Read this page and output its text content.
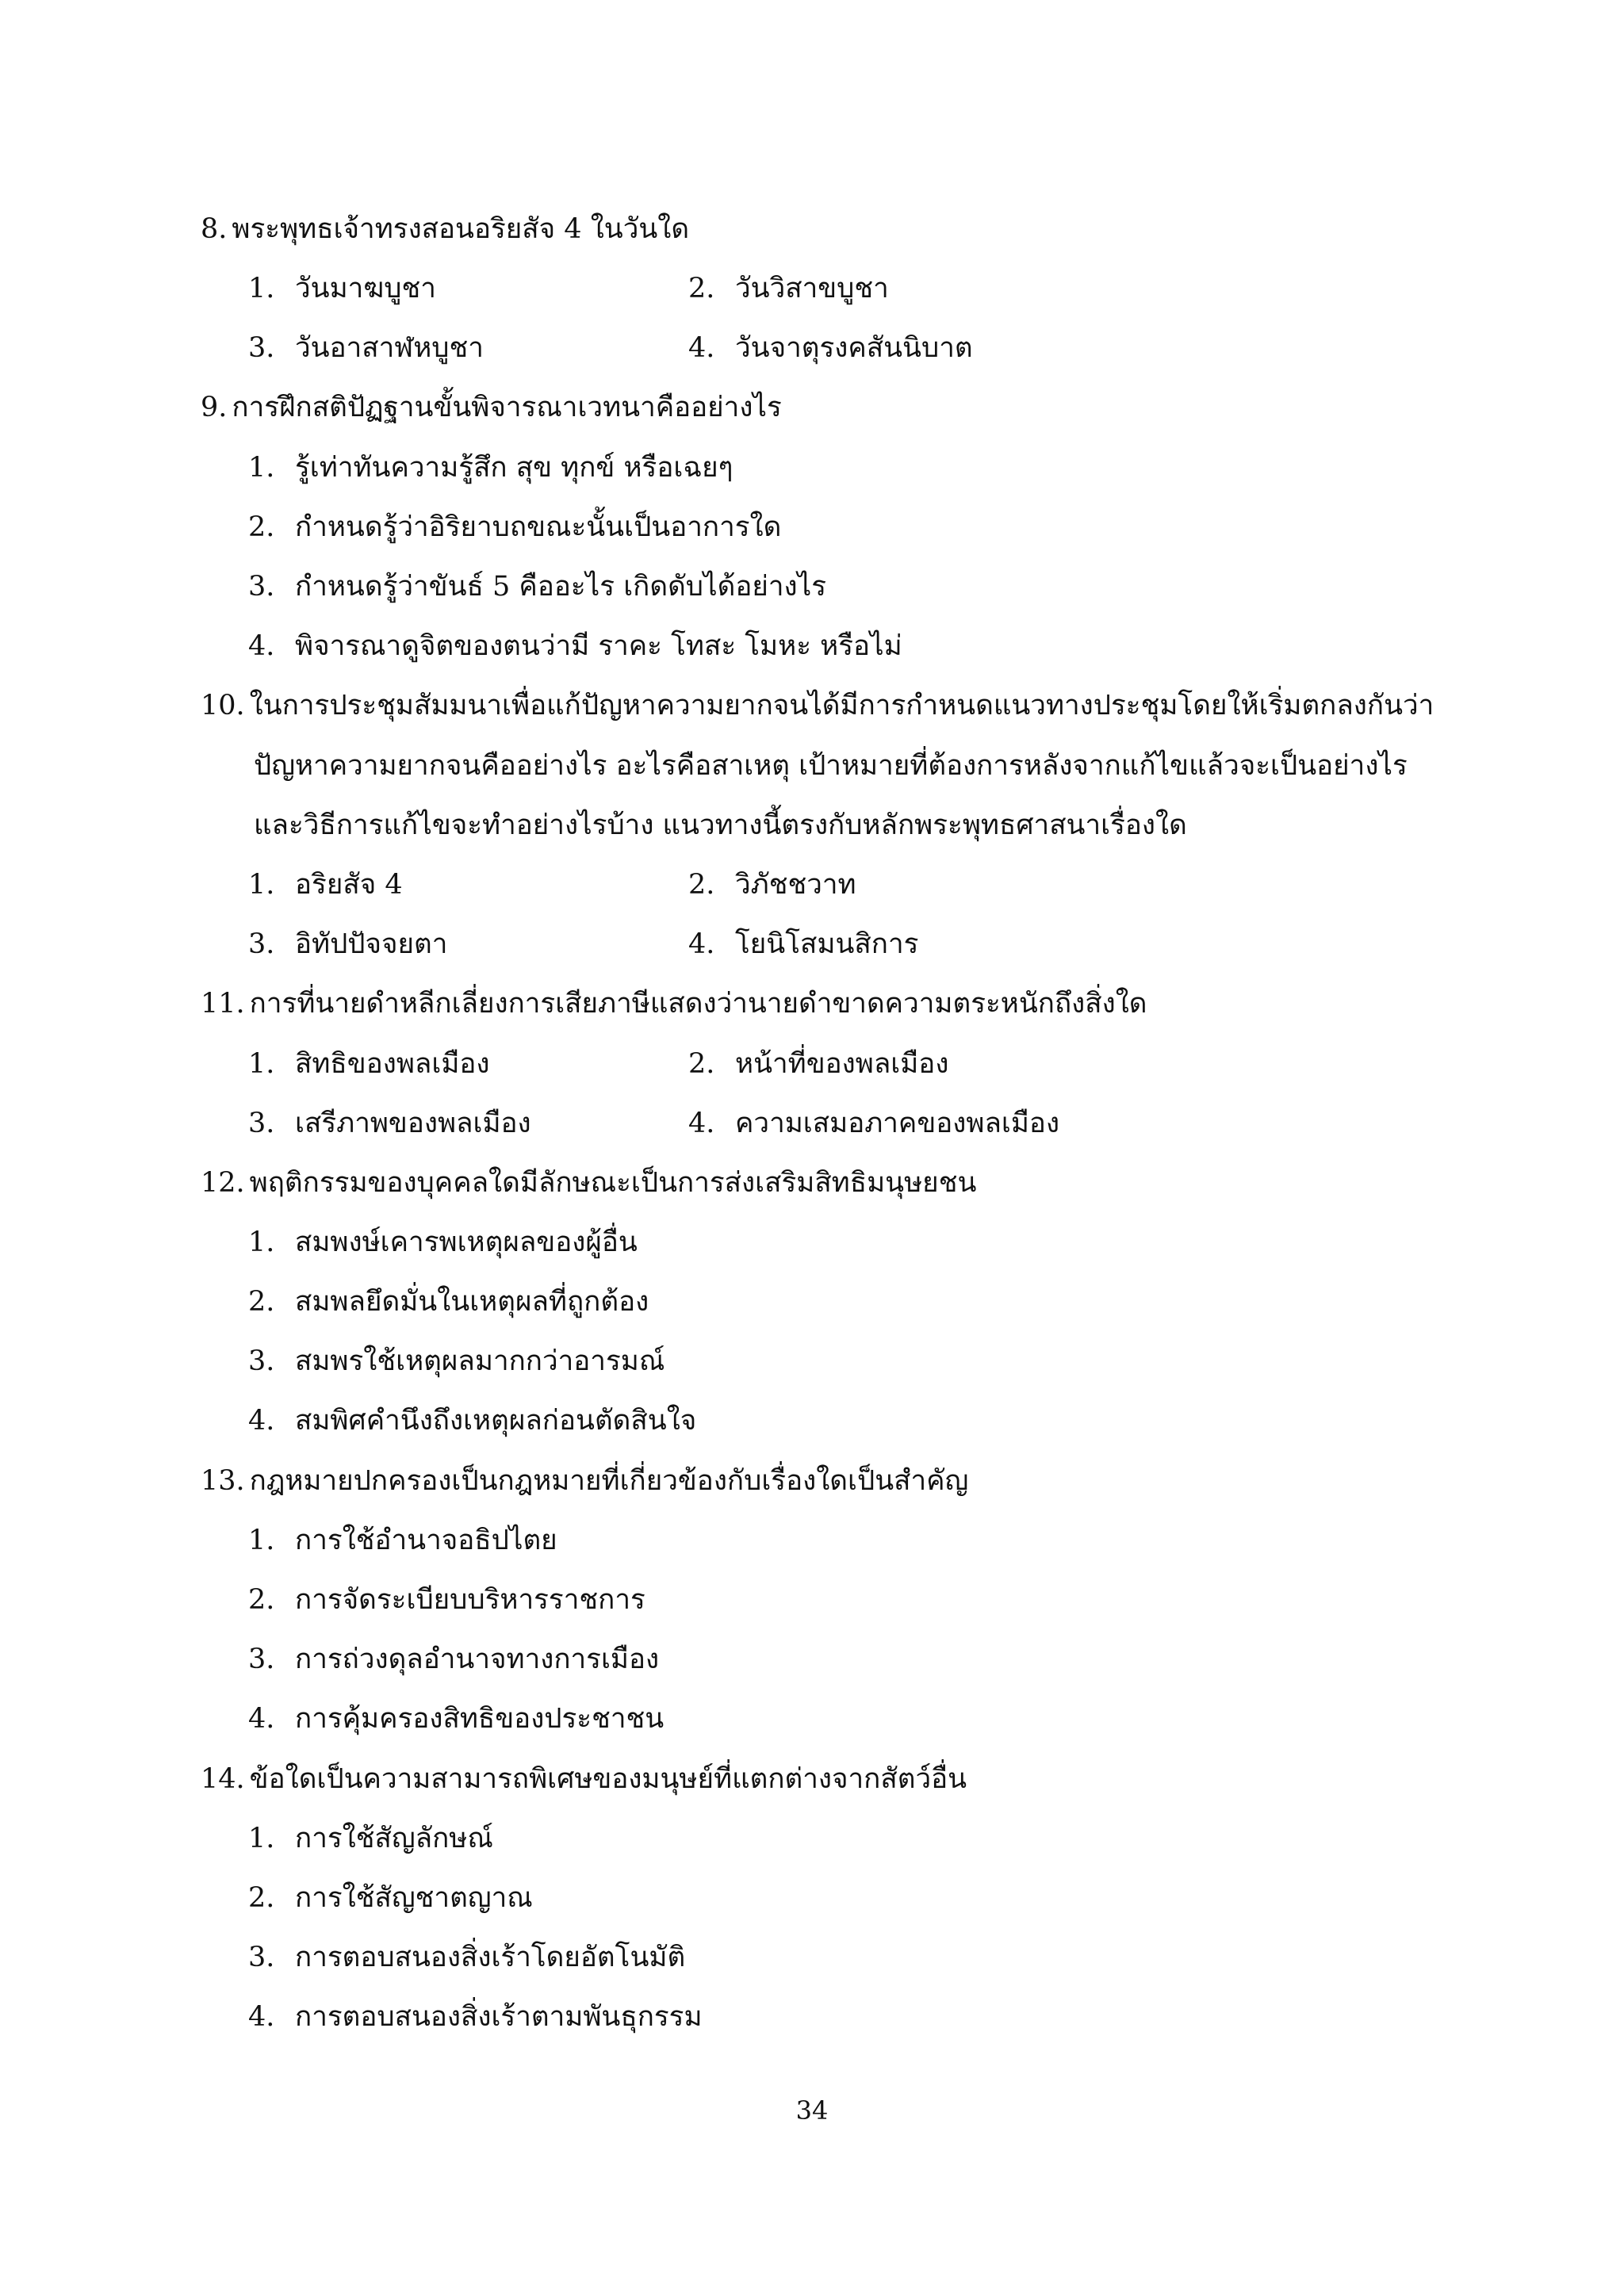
8. พระพุทธเจ้าทรงสอนอริยสัจ 4 ในวันใด
1. วันมาฆบูชา	2. วันวิสาขบูชา
3. วันอาสาฬหบูชา	4. วันจาตุรงคสันนิบาต
9. การฝึกสติปัฏฐานขั้นพิจารณาเวทนาคืออย่างไร
1. รู้เท่าทันความรู้สึก สุข ทุกข์ หรือเฉยๆ
2. กำหนดรู้ว่าอิริยาบถขณะนั้นเป็นอาการใด
3. กำหนดรู้ว่าขันธ์ 5 คืออะไร เกิดดับได้อย่างไร
4. พิจารณาดูจิตของตนว่ามี ราคะ โทสะ โมหะ หรือไม่
10. ในการประชุมสัมมนาเพื่อแก้ปัญหาความยากจนได้มีการกำหนดแนวทางประชุมโดยให้เริ่มตกลงกันว่า
ปัญหาความยากจนคืออย่างไร อะไรคือสาเหตุ เป้าหมายที่ต้องการหลังจากแก้ไขแล้วจะเป็นอย่างไร
และวิธีการแก้ไขจะทำอย่างไรบ้าง แนวทางนี้ตรงกับหลักพระพุทธศาสนาเรื่องใด
1. อริยสัจ 4	2. วิภัชชวาท
3. อิทัปปัจจยตา	4. โยนิโสมนสิการ
11. การที่นายดำหลีกเลี่ยงการเสียภาษีแสดงว่านายดำขาดความตระหนักถึงสิ่งใด
1. สิทธิของพลเมือง	2. หน้าที่ของพลเมือง
3. เสรีภาพของพลเมือง	4. ความเสมอภาคของพลเมือง
12. พฤติกรรมของบุคคลใดมีลักษณะเป็นการส่งเสริมสิทธิมนุษยชน
1. สมพงษ์เคารพเหตุผลของผู้อื่น
2. สมพลยึดมั่นในเหตุผลที่ถูกต้อง
3. สมพรใช้เหตุผลมากกว่าอารมณ์
4. สมพิศคำนึงถึงเหตุผลก่อนตัดสินใจ
13. กฎหมายปกครองเป็นกฎหมายที่เกี่ยวข้องกับเรื่องใดเป็นสำคัญ
1. การใช้อำนาจอธิปไตย
2. การจัดระเบียบบริหารราชการ
3. การถ่วงดุลอำนาจทางการเมือง
4. การคุ้มครองสิทธิของประชาชน
14. ข้อใดเป็นความสามารถพิเศษของมนุษย์ที่แตกต่างจากสัตว์อื่น
1. การใช้สัญลักษณ์
2. การใช้สัญชาตญาณ
3. การตอบสนองสิ่งเร้าโดยอัตโนมัติ
4. การตอบสนองสิ่งเร้าตามพันธุกรรม
34
